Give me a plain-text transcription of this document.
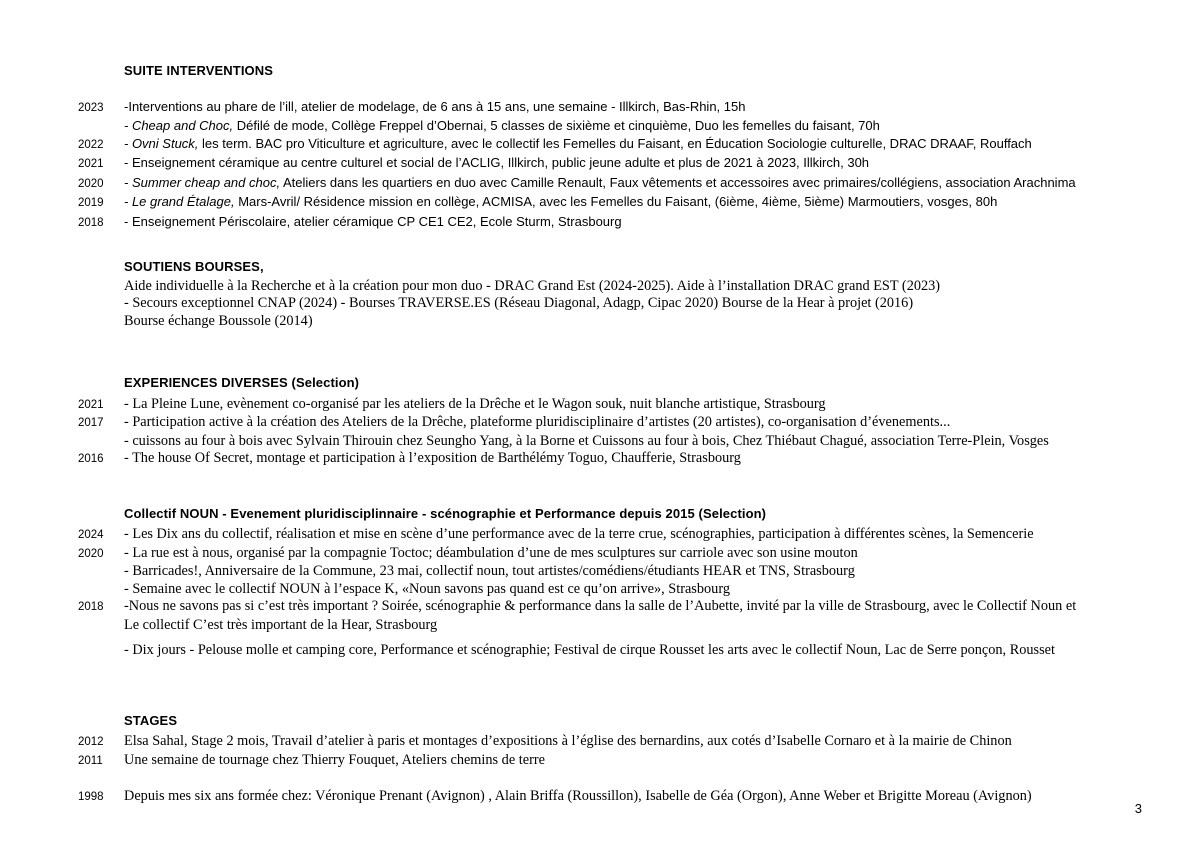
SUITE INTERVENTIONS
2023	-Interventions au phare de l’ill, atelier de modelage, de 6 ans à 15 ans, une semaine - Illkirch, Bas-Rhin, 15h
- Cheap and Choc, Défilé de mode, Collège Freppel d’Obernai, 5 classes de sixième et cinquième, Duo les femelles du faisant, 70h
2022	- Ovni Stuck, les term. BAC pro Viticulture et agriculture, avec le collectif les Femelles du Faisant, en Éducation Sociologie culturelle, DRAC DRAAF, Rouffach
2021	- Enseignement céramique au centre culturel et social de l’ACLIG, Illkirch, public jeune adulte et plus de 2021 à 2023, Illkirch, 30h
2020	- Summer cheap and choc, Ateliers dans les quartiers en duo avec Camille Renault, Faux vêtements et accessoires avec primaires/collégiens, association Arachnima
2019	- Le grand Étalage, Mars-Avril/ Résidence mission en collège, ACMISA, avec les Femelles du Faisant, (6ième, 4ième, 5ième) Marmoutiers, vosges, 80h
2018	- Enseignement Périscolaire, atelier céramique CP CE1 CE2, Ecole Sturm, Strasbourg
SOUTIENS BOURSES,
Aide individuelle à la Recherche et à la création pour mon duo - DRAC Grand Est (2024-2025). Aide à l’installation DRAC grand EST (2023)
- Secours exceptionnel CNAP (2024) - Bourses TRAVERSE.ES (Réseau Diagonal, Adagp, Cipac 2020) Bourse de la Hear à projet (2016)
Bourse échange Boussole (2014)
EXPERIENCES DIVERSES (Selection)
2021	- La Pleine Lune, evènement co-organisé par les ateliers de la Drêche et le Wagon souk, nuit blanche artistique, Strasbourg
2017	- Participation active à la création des Ateliers de la Drêche, plateforme pluridisciplinaire d’artistes (20 artistes), co-organisation d’évenements...
- cuissons au four à bois avec Sylvain Thirouin chez Seungho Yang, à la Borne et Cuissons au four à bois, Chez Thiébaut Chagué, association Terre-Plein, Vosges
2016	- The house Of Secret, montage et participation à l’exposition de Barthélémy Toguo, Chaufferie, Strasbourg
Collectif NOUN - Evenement pluridisciplinnaire - scénographie et Performance depuis 2015 (Selection)
2024	- Les Dix ans du collectif, réalisation et mise en scène d’une performance avec de la terre crue, scénographies, participation à différentes scènes, la Semencerie
2020	- La rue est à nous, organisé par la compagnie Toctoc; déambulation d’une de mes sculptures sur carriole avec son usine mouton
- Barricades!, Anniversaire de la Commune, 23 mai, collectif noun, tout artistes/comédiens/étudiants HEAR et TNS, Strasbourg
- Semaine avec le collectif NOUN à l’espace K, «Noun savons pas quand est ce qu’on arrive», Strasbourg
2018	-Nous ne savons pas si c’est très important ? Soirée, scénographie & performance dans la salle de l’Aubette, invité par la ville de Strasbourg, avec le Collectif Noun et
Le collectif C’est très important de la Hear, Strasbourg
- Dix jours - Pelouse molle et camping core, Performance et scénographie; Festival de cirque Rousset les arts avec le collectif Noun, Lac de Serre ponçon, Rousset
STAGES
2012	Elsa Sahal, Stage 2 mois, Travail d’atelier à paris et montages d’expositions à l’église des bernardins, aux cotés d’Isabelle Cornaro et à la mairie de Chinon
2011	Une semaine de tournage chez Thierry Fouquet, Ateliers chemins de terre
1998	Depuis mes six ans formée chez: Véronique Prenant (Avignon) , Alain Briffa (Roussillon), Isabelle de Géa (Orgon), Anne Weber et Brigitte Moreau (Avignon)
3
